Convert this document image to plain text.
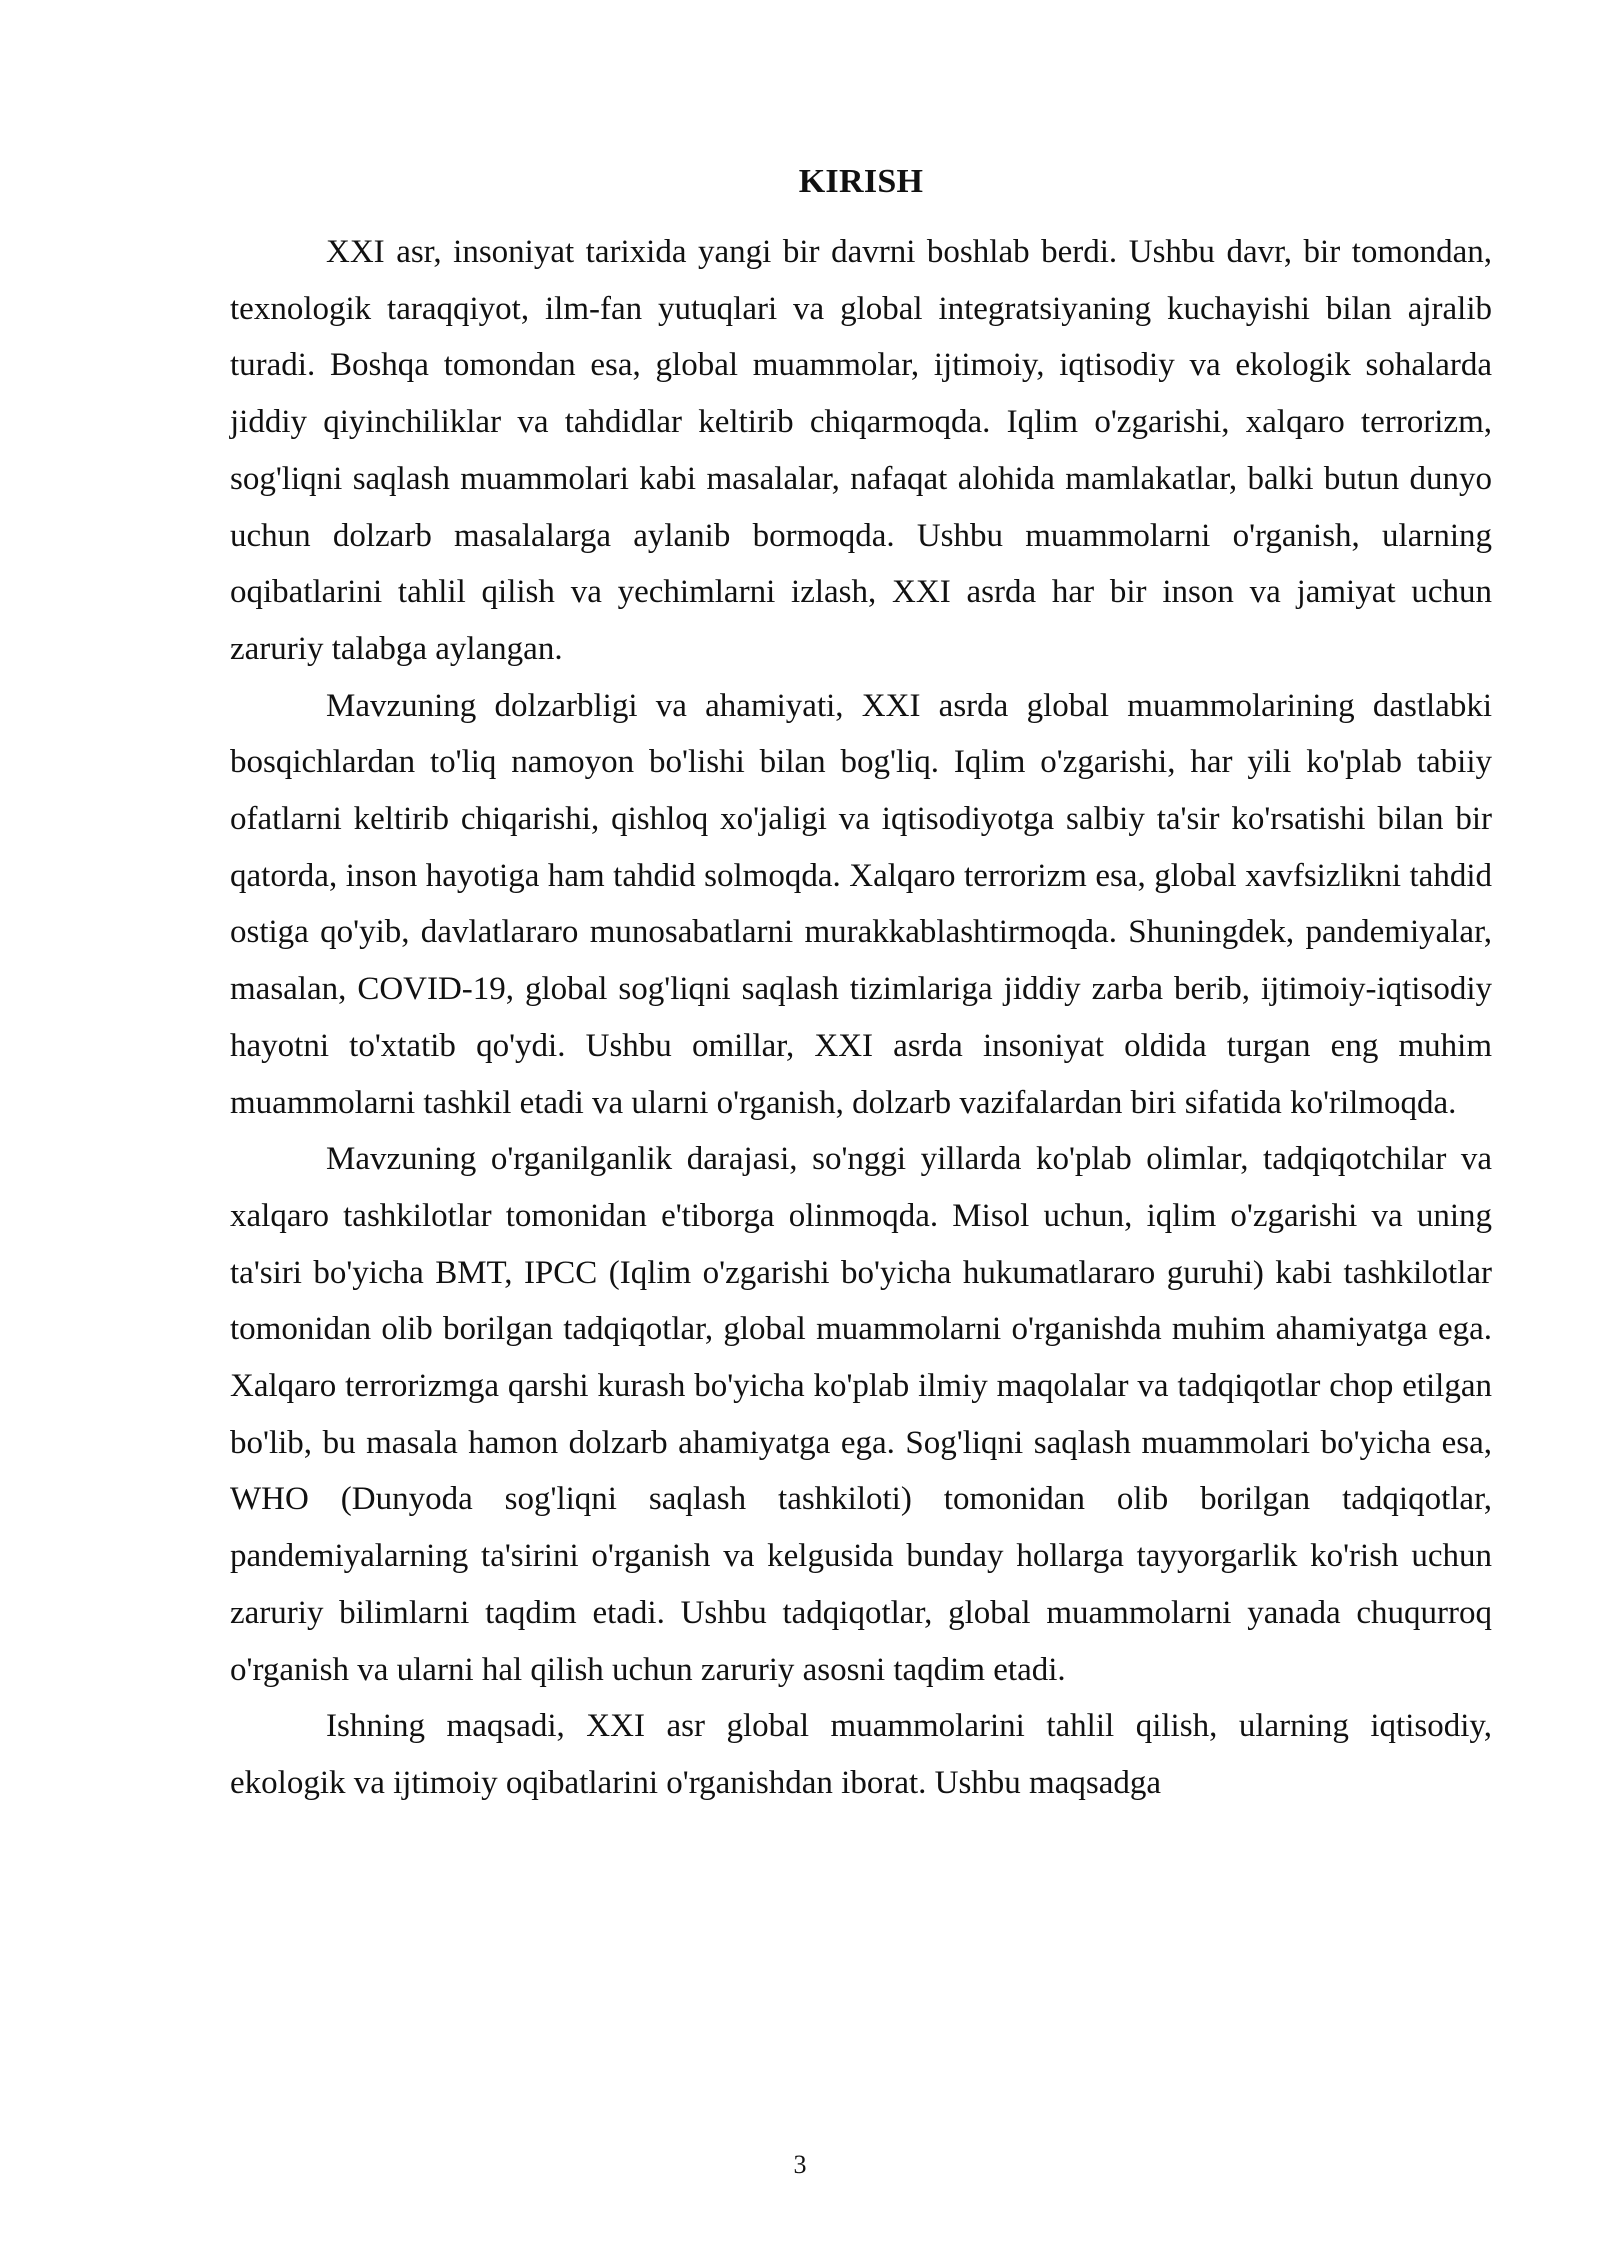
KIRISH

XXI asr, insoniyat tarixida yangi bir davrni boshlab berdi. Ushbu davr, bir tomondan, texnologik taraqqiyot, ilm-fan yutuqlari va global integratsiyaning kuchayishi bilan ajralib turadi. Boshqa tomondan esa, global muammolar, ijtimoiy, iqtisodiy va ekologik sohalarda jiddiy qiyinchiliklar va tahdidlar keltirib chiqarmoqda. Iqlim o'zgarishi, xalqaro terrorizm, sog'liqni saqlash muammolari kabi masalalar, nafaqat alohida mamlakatlar, balki butun dunyo uchun dolzarb masalalarga aylanib bormoqda. Ushbu muammolarni o'rganish, ularning oqibatlarini tahlil qilish va yechimlarni izlash, XXI asrda har bir inson va jamiyat uchun zaruriy talabga aylangan.

Mavzuning dolzarbligi va ahamiyati, XXI asrda global muammolarining dastlabki bosqichlardan to'liq namoyon bo'lishi bilan bog'liq. Iqlim o'zgarishi, har yili ko'plab tabiiy ofatlarni keltirib chiqarishi, qishloq xo'jaligi va iqtisodiyotga salbiy ta'sir ko'rsatishi bilan bir qatorda, inson hayotiga ham tahdid solmoqda. Xalqaro terrorizm esa, global xavfsizlikni tahdid ostiga qo'yib, davlatlararo munosabatlarni murakkablashtirmoqda. Shuningdek, pandemiyalar, masalan, COVID-19, global sog'liqni saqlash tizimlariga jiddiy zarba berib, ijtimoiy-iqtisodiy hayotni to'xtatib qo'ydi. Ushbu omillar, XXI asrda insoniyat oldida turgan eng muhim muammolarni tashkil etadi va ularni o'rganish, dolzarb vazifalardan biri sifatida ko'rilmoqda.

Mavzuning o'rganilganlik darajasi, so'nggi yillarda ko'plab olimlar, tadqiqotchilar va xalqaro tashkilotlar tomonidan e'tiborga olinmoqda. Misol uchun, iqlim o'zgarishi va uning ta'siri bo'yicha BMT, IPCC (Iqlim o'zgarishi bo'yicha hukumatlararo guruhi) kabi tashkilotlar tomonidan olib borilgan tadqiqotlar, global muammolarni o'rganishda muhim ahamiyatga ega. Xalqaro terrorizmga qarshi kurash bo'yicha ko'plab ilmiy maqolalar va tadqiqotlar chop etilgan bo'lib, bu masala hamon dolzarb ahamiyatga ega. Sog'liqni saqlash muammolari bo'yicha esa, WHO (Dunyoda sog'liqni saqlash tashkiloti) tomonidan olib borilgan tadqiqotlar, pandemiyalarning ta'sirini o'rganish va kelgusida bunday hollarga tayyorgarlik ko'rish uchun zaruriy bilimlarni taqdim etadi. Ushbu tadqiqotlar, global muammolarni yanada chuqurroq o'rganish va ularni hal qilish uchun zaruriy asosni taqdim etadi.

Ishning maqsadi, XXI asr global muammolarini tahlil qilish, ularning iqtisodiy, ekologik va ijtimoiy oqibatlarini o'rganishdan iborat. Ushbu maqsadga

3
